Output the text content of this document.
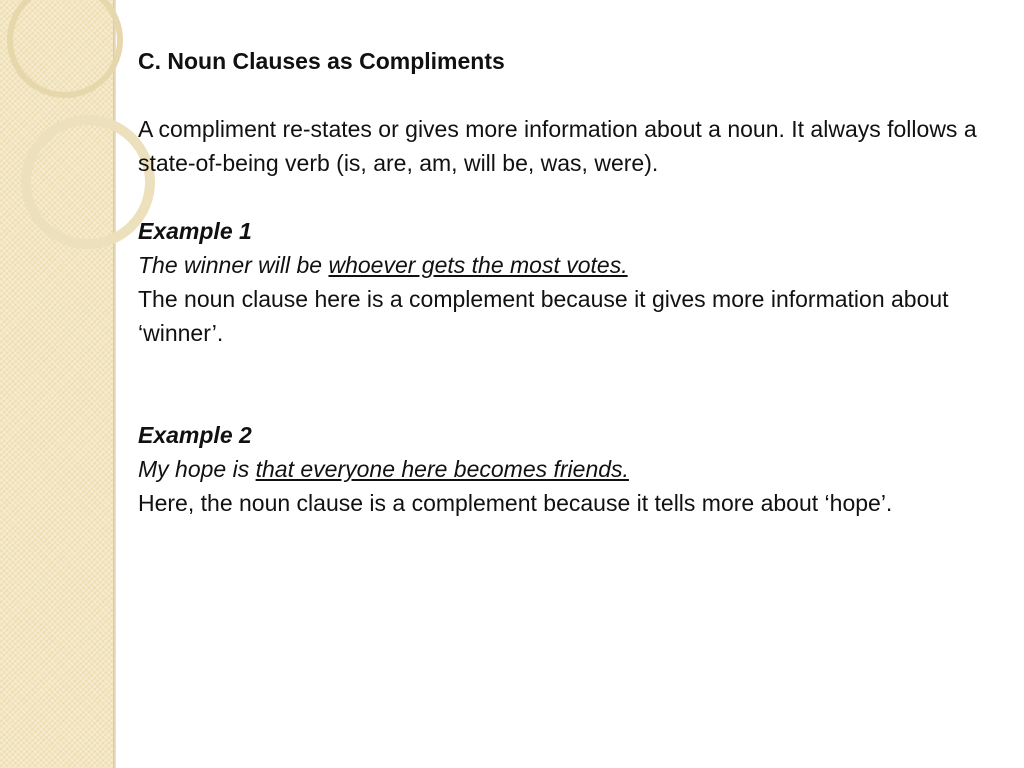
C. Noun Clauses as Compliments

A compliment re-states or gives more information about a noun. It always follows a state-of-being verb (is, are, am, will be, was, were).

Example 1

The winner will be whoever gets the most votes.

The noun clause here is a complement because it gives more information about ‘winner’.

Example 2

My hope is that everyone here becomes friends.

Here, the noun clause is a complement because it tells more about ‘hope’.
